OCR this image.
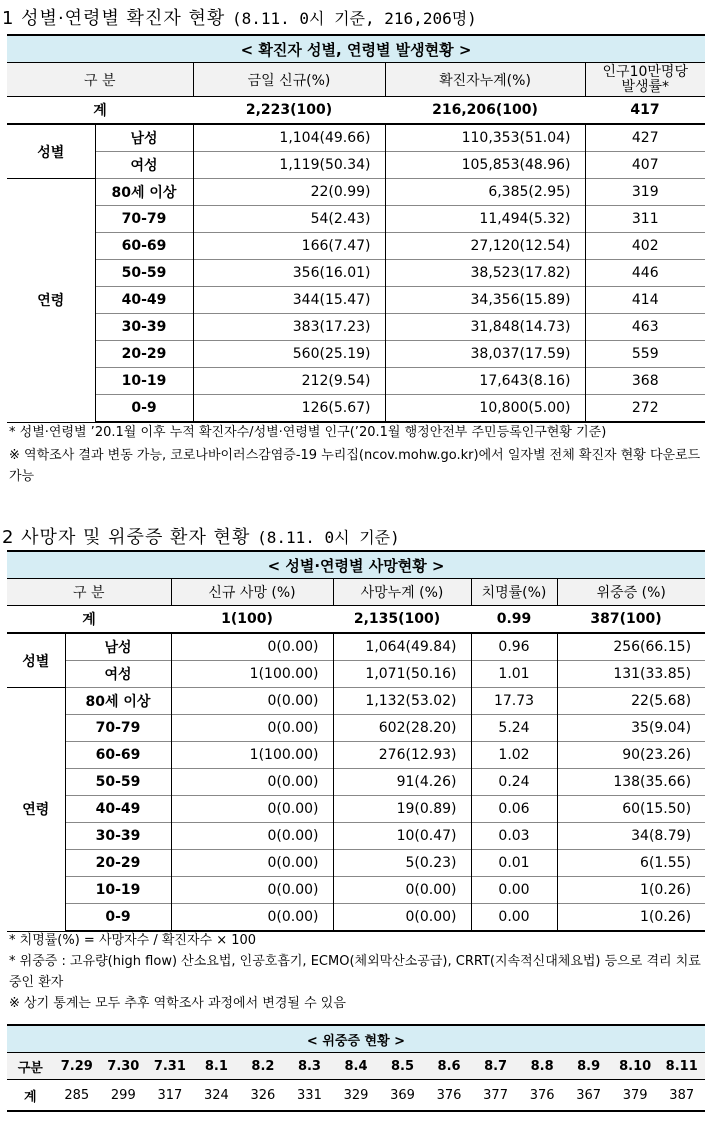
1 성별·연령별 확진자 현황 (8.11. 0시 기준, 216,206명)
< 확진자 성별, 연령별 발생현황 >				
구 분		금일 신규(%)	확진자누계(%)	인구10만명당
발생률*
계		2,223(100)	216,206(100)	417
성별	남성	1,104(49.66)	110,353(51.04)	427
	여성	1,119(50.34)	105,853(48.96)	407
연령	80세 이상	22(0.99)	6,385(2.95)	319
	70-79	54(2.43)	11,494(5.32)	311
	60-69	166(7.47)	27,120(12.54)	402
	50-59	356(16.01)	38,523(17.82)	446
	40-49	344(15.47)	34,356(15.89)	414
	30-39	383(17.23)	31,848(14.73)	463
	20-29	560(25.19)	38,037(17.59)	559
	10-19	212(9.54)	17,643(8.16)	368
	0-9	126(5.67)	10,800(5.00)	272
* 성별·연령별 ’20.1월 이후 누적 확진자수/성별·연령별 인구(’20.1월 행정안전부 주민등록인구현황 기준)
※ 역학조사 결과 변동 가능, 코로나바이러스감염증-19 누리집(ncov.mohw.go.kr)에서 일자별 전체 확진자 현황 다운로드 가능
2 사망자 및 위중증 환자 현황 (8.11. 0시 기준)
< 성별·연령별 사망현황 >					
구 분		신규 사망 (%)	사망누계 (%)	치명률(%)	위중증 (%)
계		1(100)	2,135(100)	0.99	387(100)
성별	남성	0(0.00)	1,064(49.84)	0.96	256(66.15)
	여성	1(100.00)	1,071(50.16)	1.01	131(33.85)
연령	80세 이상	0(0.00)	1,132(53.02)	17.73	22(5.68)
	70-79	0(0.00)	602(28.20)	5.24	35(9.04)
	60-69	1(100.00)	276(12.93)	1.02	90(23.26)
	50-59	0(0.00)	91(4.26)	0.24	138(35.66)
	40-49	0(0.00)	19(0.89)	0.06	60(15.50)
	30-39	0(0.00)	10(0.47)	0.03	34(8.79)
	20-29	0(0.00)	5(0.23)	0.01	6(1.55)
	10-19	0(0.00)	0(0.00)	0.00	1(0.26)
	0-9	0(0.00)	0(0.00)	0.00	1(0.26)
* 치명률(%) = 사망자수 / 확진자수 × 100
* 위중증 : 고유량(high flow) 산소요법, 인공호흡기, ECMO(체외막산소공급), CRRT(지속적신대체요법) 등으로 격리 치료 중인 환자
※ 상기 통계는 모두 추후 역학조사 과정에서 변경될 수 있음
< 위중증 현황 >														
구분	7.29	7.30	7.31	8.1	8.2	8.3	8.4	8.5	8.6	8.7	8.8	8.9	8.10	8.11
계	285	299	317	324	326	331	329	369	376	377	376	367	379	387
